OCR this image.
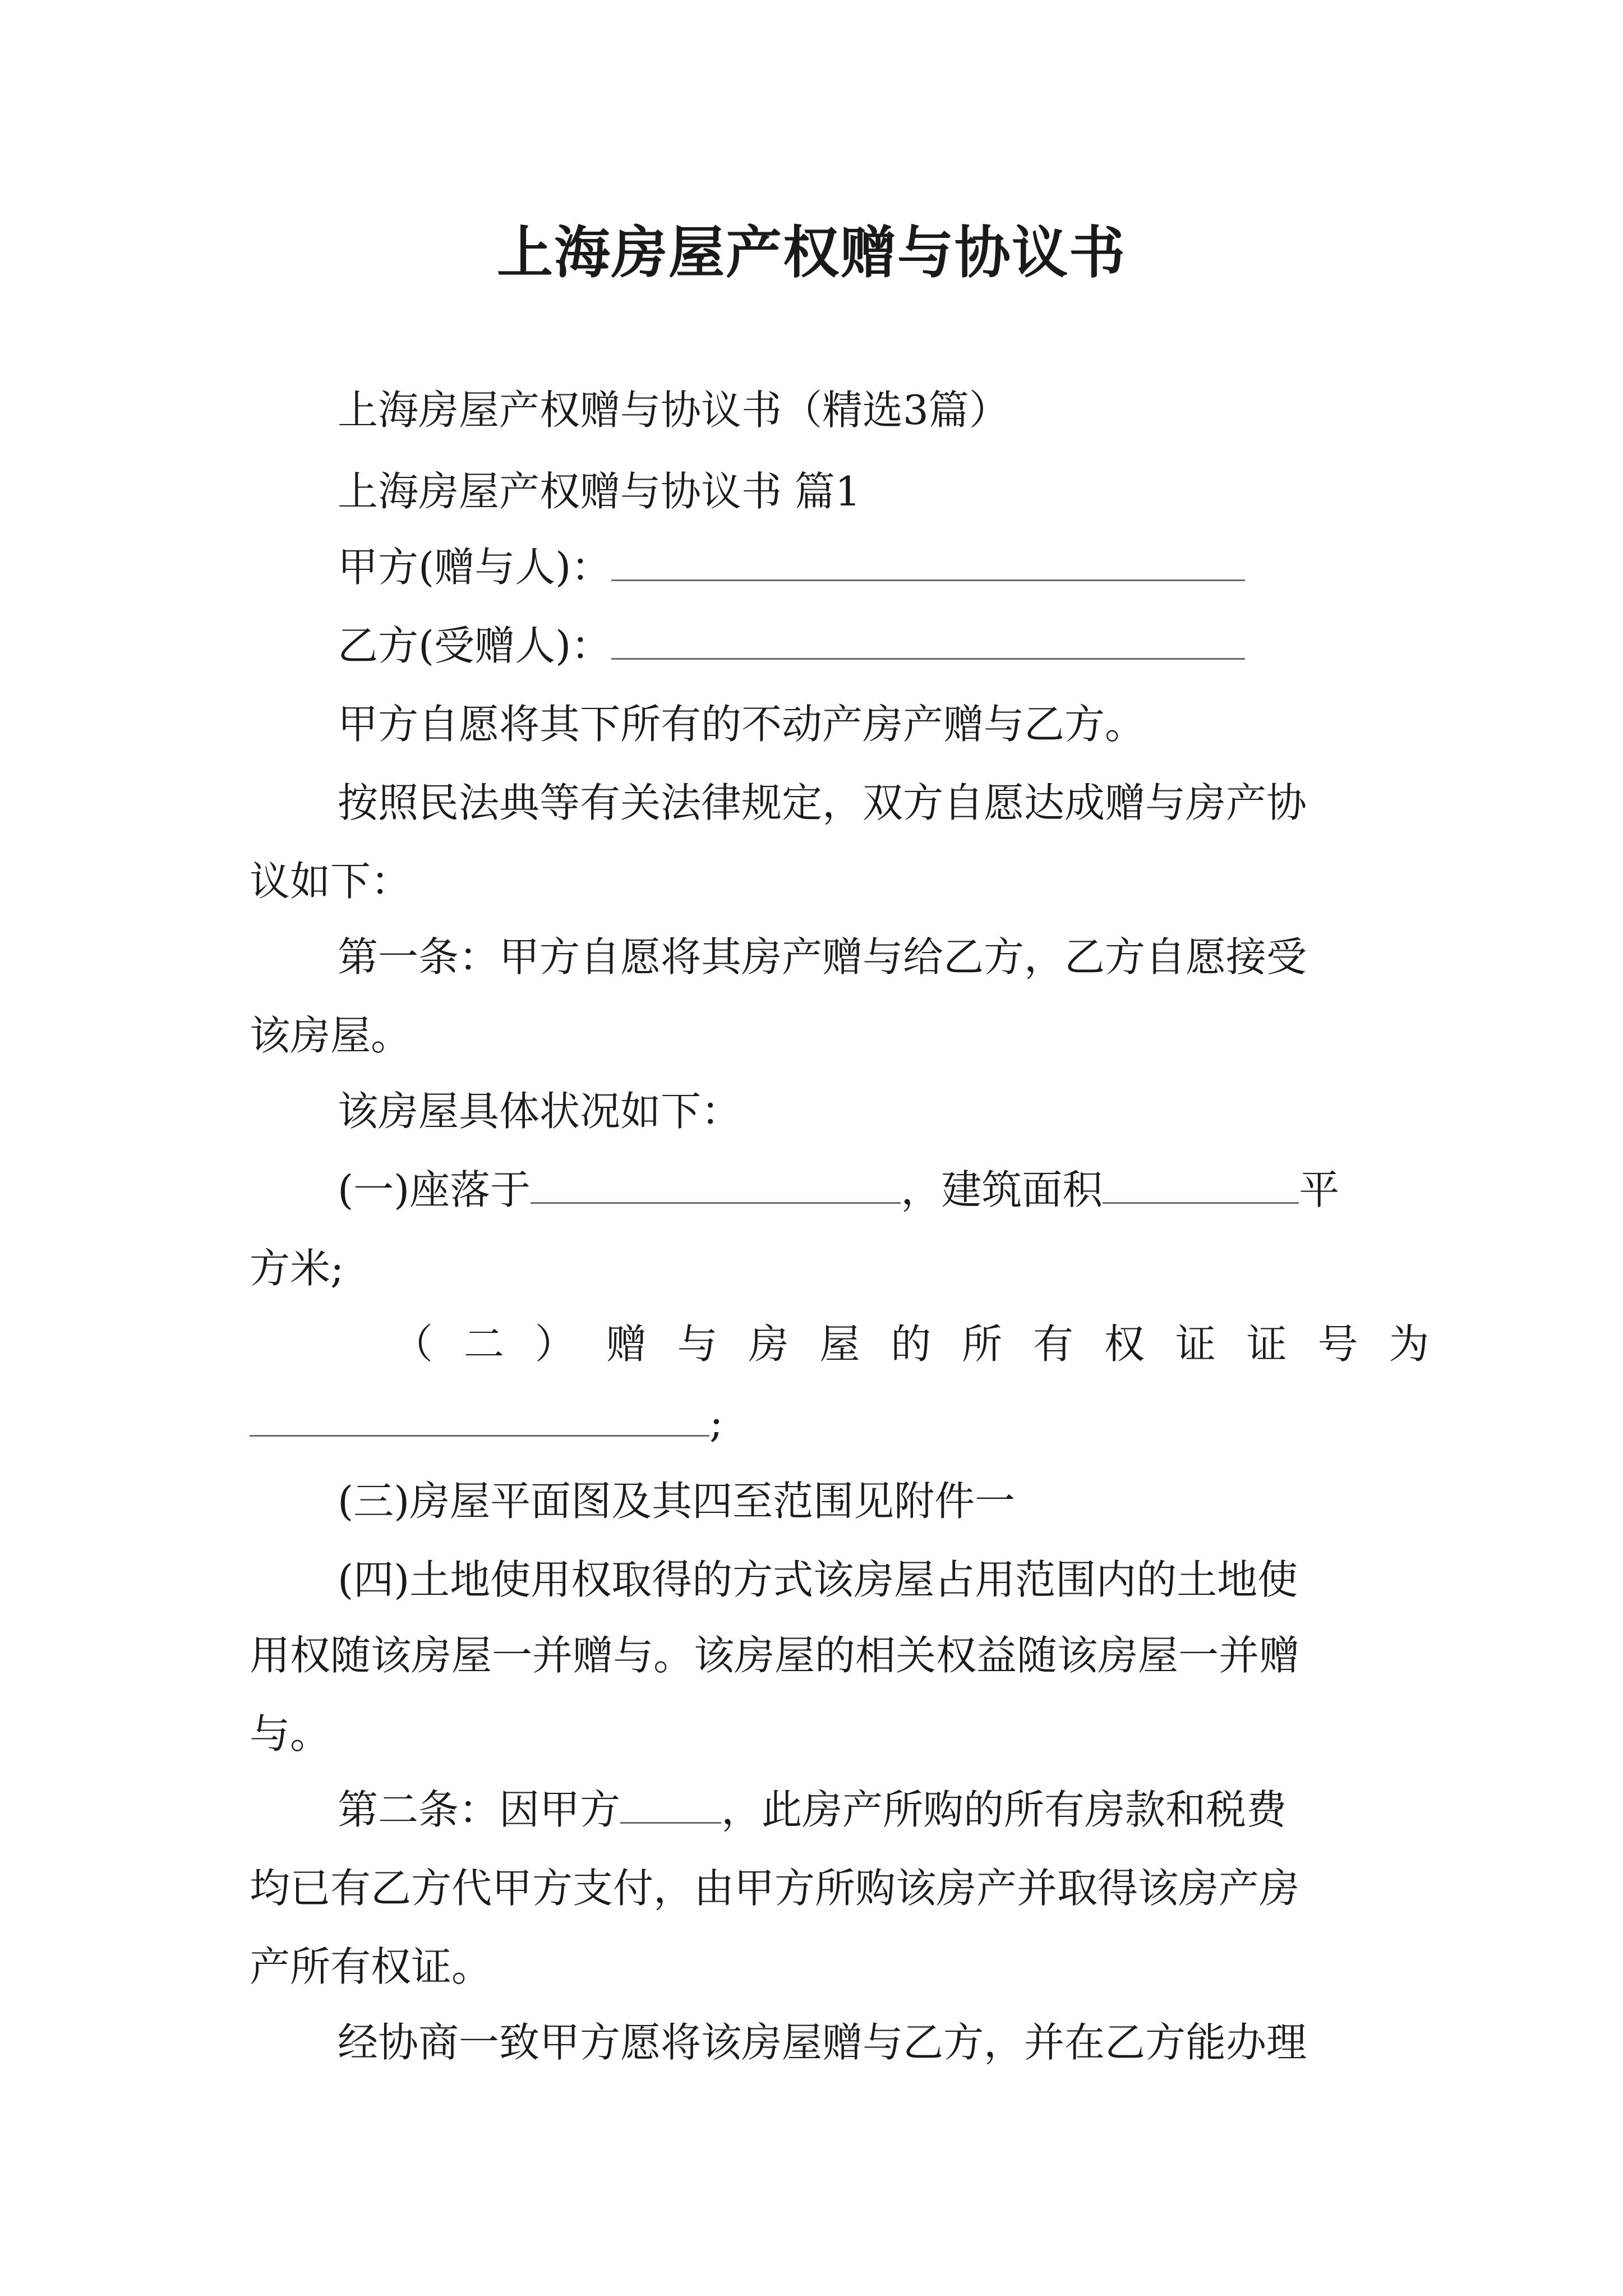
上海房屋产权赠与协议书
上海房屋产权赠与协议书（精选3篇）
上海房屋产权赠与协议书 篇1
甲方(赠与人)：
乙方(受赠人)：
甲方自愿将其下所有的不动产房产赠与乙方。
按照民法典等有关法律规定，双方自愿达成赠与房产协
议如下：
第一条：甲方自愿将其房产赠与给乙方，乙方自愿接受
该房屋。
该房屋具体状况如下：
(一)座落于	，建筑面积	平
方米;
（ 二 ） 赠 与 房 屋 的 所 有 权 证 证 号 为
;
(三)房屋平面图及其四至范围见附件一
(四)土地使用权取得的方式该房屋占用范围内的土地使
用权随该房屋一并赠与。该房屋的相关权益随该房屋一并赠
与。
第二条：因甲方	，此房产所购的所有房款和税费
均已有乙方代甲方支付，由甲方所购该房产并取得该房产房
产所有权证。
经协商一致甲方愿将该房屋赠与乙方，并在乙方能办理
